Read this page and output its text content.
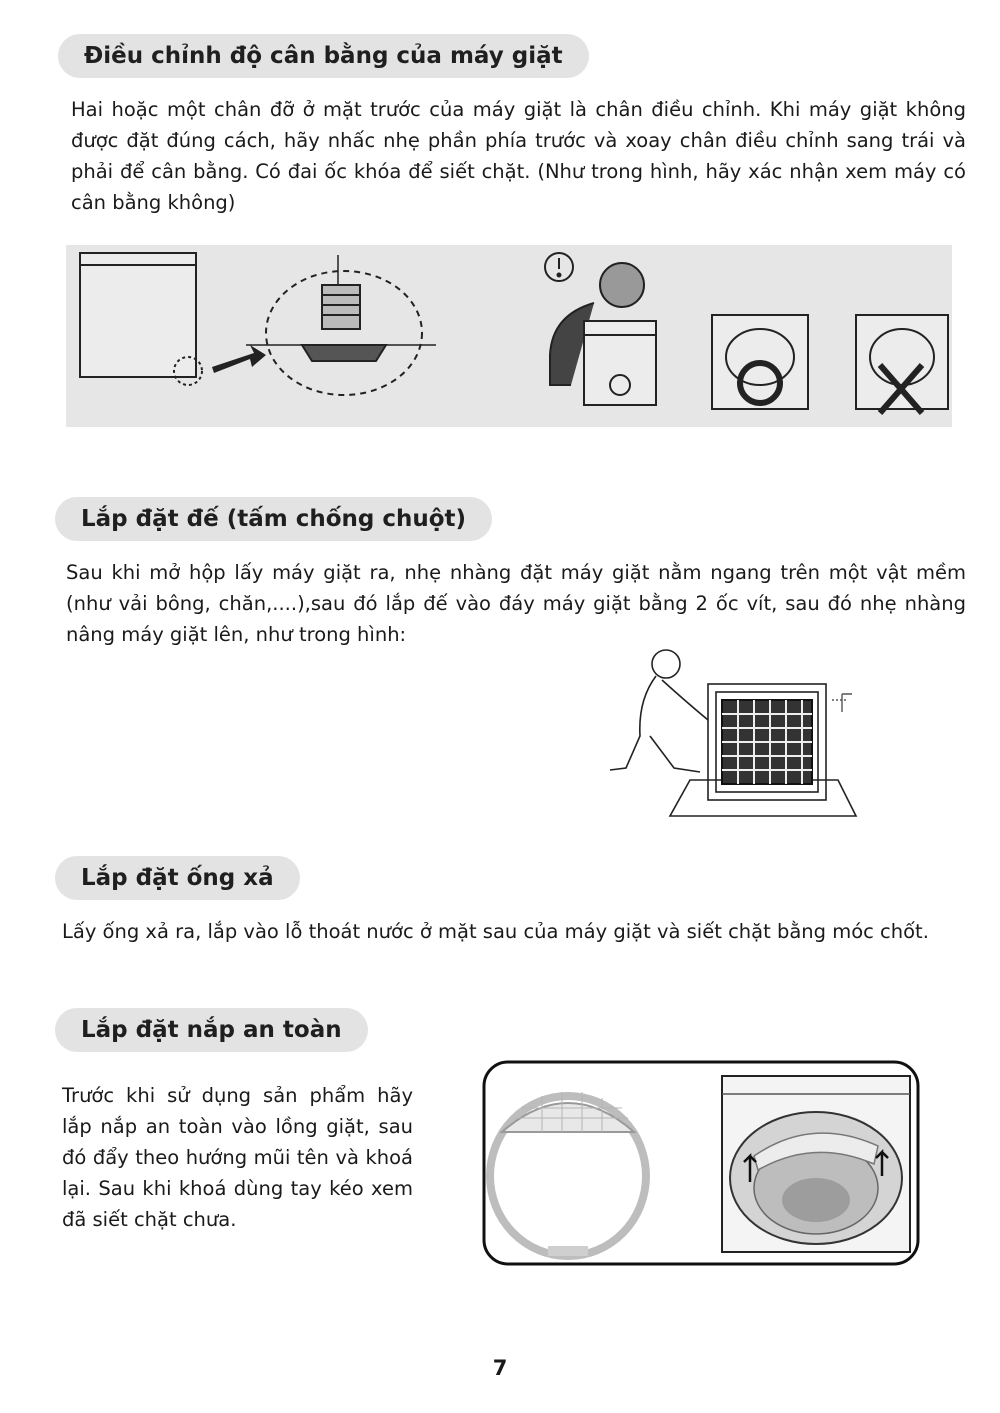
Điều chỉnh độ cân bằng của máy giặt
Hai hoặc một chân đỡ ở mặt trước của máy giặt là chân điều chỉnh. Khi máy giặt không được đặt đúng cách, hãy nhấc nhẹ phần phía trước và xoay chân điều chỉnh sang trái và phải để cân bằng. Có đai ốc khóa để siết chặt. (Như trong hình, hãy xác nhận xem máy có cân bằng không)
Lắp đặt đế (tấm chống chuột)
Sau khi mở hộp lấy máy giặt ra, nhẹ nhàng đặt máy giặt nằm ngang trên một vật mềm (như vải bông, chăn,....),sau đó lắp đế vào đáy máy giặt bằng 2 ốc vít, sau đó nhẹ nhàng nâng máy giặt lên, như trong hình:
Lắp đặt ống xả
Lấy ống xả ra, lắp vào lỗ thoát nước ở mặt sau của máy giặt và siết chặt bằng móc chốt.
Lắp đặt nắp an toàn
Trước khi sử dụng sản phẩm hãy lắp nắp an toàn vào lồng giặt, sau đó đẩy theo hướng mũi tên và khoá lại. Sau khi khoá dùng tay kéo xem đã siết chặt chưa.
7
